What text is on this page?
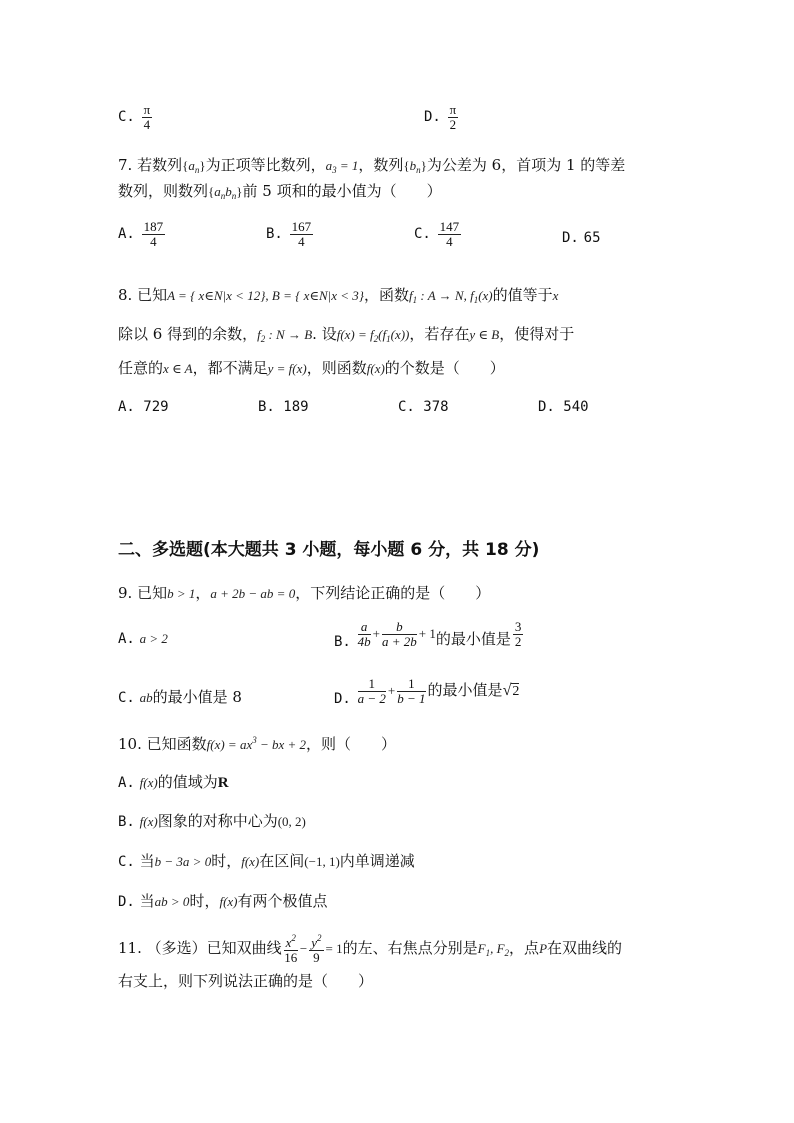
C. $\frac{\pi}{4}$	D. $\frac{\pi}{2}$
7. 若数列$\{a_n\}$为正项等比数列，$a_3 = 1$，数列$\{b_n\}$为公差为 6，首项为 1 的等差
数列，则数列$\{a_nb_n\}$前 5 项和的最小值为（　　）
A. $\frac{187}{4}$	B. $\frac{167}{4}$	C. $\frac{147}{4}$	D. 65
8. 已知A = { x∈N|x < 12}, B = { x∈N|x < 3}，函数$f_1$ : A → N, $f_1(x)$的值等于x
除以 6 得到的余数，$f_2$ : N → B. 设$f(x) = f_2(f_1(x))$，若存在y ∈ B，使得对于
任意的x ∈ A，都不满足y = f(x)，则函数f(x)的个数是（　　）
A. 729	B. 189	C. 378	D. 540
二、多选题(本大题共 3 小题，每小题 6 分，共 18 分)
9. 已知b > 1，a + 2b − ab = 0，下列结论正确的是（　　）
A. a > 2	B. $\frac{a}{4b} + \frac{b}{a + 2b} + 1$的最小值是 $\frac{3}{2}$
C. ab的最小值是 8	D. $\frac{1}{a - 2} + \frac{1}{b - 1}$ 的最小值是√2
10. 已知函数$f(x) = ax^3$ − bx + 2，则（　　）
A. f(x)的值域为R
B. f(x)图象的对称中心为(0, 2)
C. 当b − 3a > 0时，f(x)在区间(−1, 1)内单调递减
D. 当ab > 0时，f(x)有两个极值点
11. （多选）已知双曲线 $\frac{x^2}{16} - \frac{y^2}{9} = 1$的左、右焦点分别是$F_1$, $F_2$，点P在双曲线的
右支上，则下列说法正确的是（　　）
